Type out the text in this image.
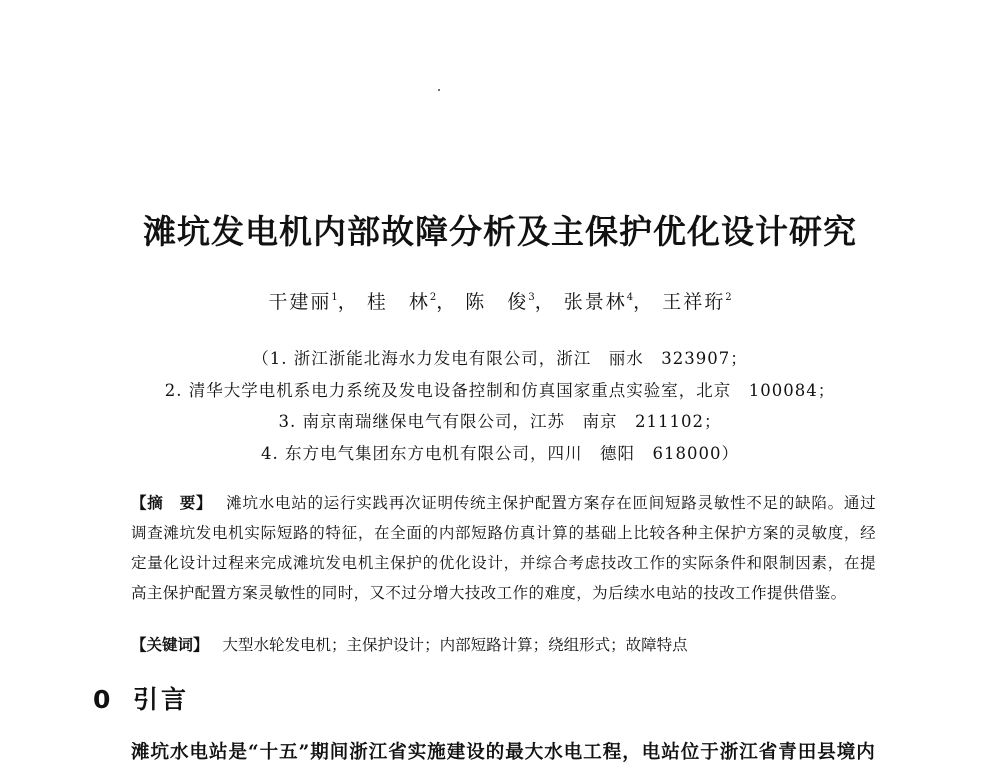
滩坑发电机内部故障分析及主保护优化设计研究
干建丽$^1$， 桂　林$^2$， 陈　俊$^3$， 张景林$^4$， 王祥珩$^2$
（1. 浙江浙能北海水力发电有限公司，浙江　丽水　323907；
2. 清华大学电机系电力系统及发电设备控制和仿真国家重点实验室，北京　100084；
3. 南京南瑞继保电气有限公司，江苏　南京　211102；
4. 东方电气集团东方电机有限公司，四川　德阳　618000）
【摘　要】 滩坑水电站的运行实践再次证明传统主保护配置方案存在匝间短路灵敏性不足的缺陷。通过调查滩坑发电机实际短路的特征，在全面的内部短路仿真计算的基础上比较各种主保护方案的灵敏度，经定量化设计过程来完成滩坑发电机主保护的优化设计，并综合考虑技改工作的实际条件和限制因素，在提高主保护配置方案灵敏性的同时，又不过分增大技改工作的难度，为后续水电站的技改工作提供借鉴。
【关键词】 大型水轮发电机；主保护设计；内部短路计算；绕组形式；故障特点
0 引言
滩坑水电站是“十五”期间浙江省实施建设的最大水电工程，电站位于浙江省青田县境内
